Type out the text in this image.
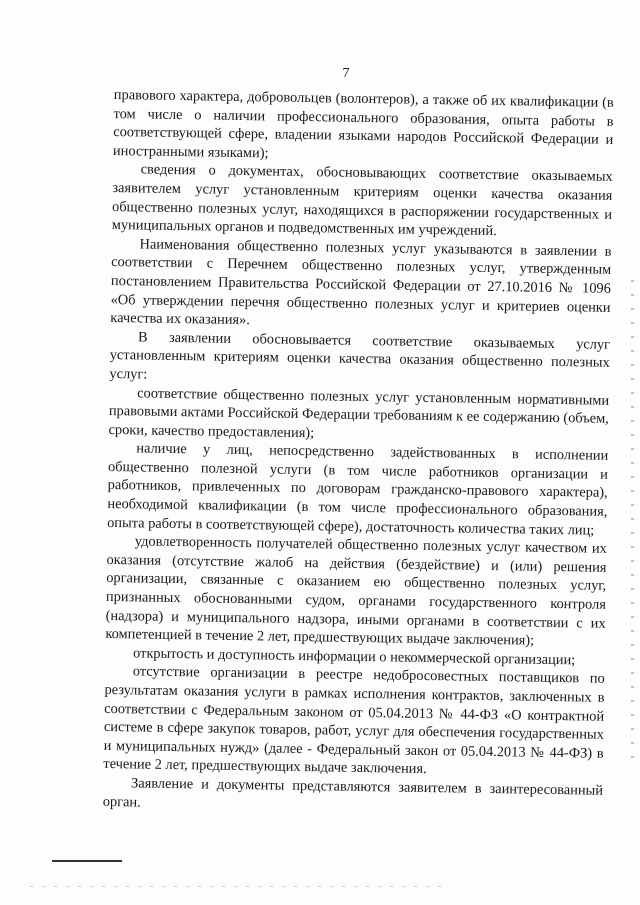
7

правового характера, добровольцев (волонтеров), а также об их квалификации (в том числе о наличии профессионального образования, опыта работы в соответствующей сфере, владении языками народов Российской Федерации и иностранными языками);

сведения о документах, обосновывающих соответствие оказываемых заявителем услуг установленным критериям оценки качества оказания общественно полезных услуг, находящихся в распоряжении государственных и муниципальных органов и подведомственных им учреждений.

Наименования общественно полезных услуг указываются в заявлении в соответствии с Перечнем общественно полезных услуг, утвержденным постановлением Правительства Российской Федерации от 27.10.2016 № 1096 «Об утверждении перечня общественно полезных услуг и критериев оценки качества их оказания».

В заявлении обосновывается соответствие оказываемых услуг установленным критериям оценки качества оказания общественно полезных услуг:

соответствие общественно полезных услуг установленным нормативными правовыми актами Российской Федерации требованиям к ее содержанию (объем, сроки, качество предоставления);

наличие у лиц, непосредственно задействованных в исполнении общественно полезной услуги (в том числе работников организации и работников, привлеченных по договорам гражданско-правового характера), необходимой квалификации (в том числе профессионального образования, опыта работы в соответствующей сфере), достаточность количества таких лиц;

удовлетворенность получателей общественно полезных услуг качеством их оказания (отсутствие жалоб на действия (бездействие) и (или) решения организации, связанные с оказанием ею общественно полезных услуг, признанных обоснованными судом, органами государственного контроля (надзора) и муниципального надзора, иными органами в соответствии с их компетенцией в течение 2 лет, предшествующих выдаче заключения);

открытость и доступность информации о некоммерческой организации;

отсутствие организации в реестре недобросовестных поставщиков по результатам оказания услуги в рамках исполнения контрактов, заключенных в соответствии с Федеральным законом от 05.04.2013 № 44-ФЗ «О контрактной системе в сфере закупок товаров, работ, услуг для обеспечения государственных и муниципальных нужд» (далее - Федеральный закон от 05.04.2013 № 44-ФЗ) в течение 2 лет, предшествующих выдаче заключения.

Заявление и документы представляются заявителем в заинтересованный орган.
